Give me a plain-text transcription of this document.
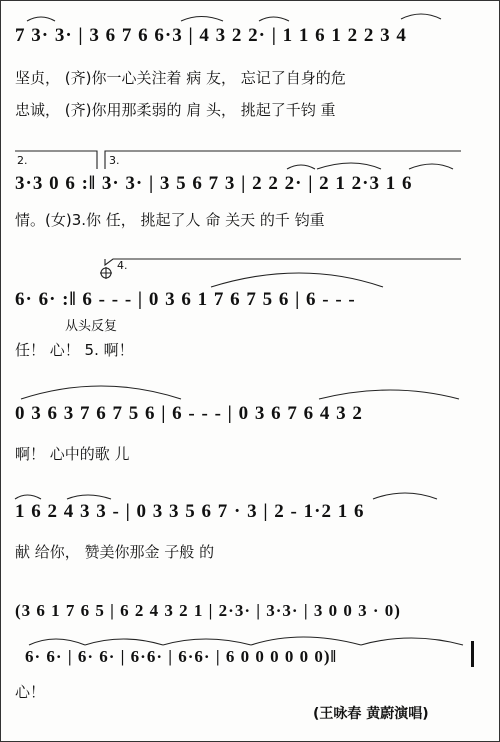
7 3· 3· | 3 6 7 6 6·3 | 4 3 2 2· | 1 1 6 1 2 2 3 4
坚贞， (齐)你一心关注着 病 友， 忘记了自身的危
忠诚， (齐)你用那柔弱的 肩 头， 挑起了千钧 重
2.	3.
3·3 0 6 :‖ 3· 3· | 3 5 6 7 3 | 2 2 2· | 2 1 2·3 1 6
情。(女)3.你 任， 挑起了人 命 关天 的千 钧重
4.
6· 6· :‖ 6 - - - | 0 3 6 1 7 6 7 5 6 | 6 - - -
从头反复
任！ 心！ 5. 啊！
0 3 6 3 7 6 7 5 6 | 6 - - - | 0 3 6 7 6 4 3 2
啊！ 心中的歌 儿
1 6 2 4 3 3 - | 0 3 3 5 6 7 · 3 | 2 - 1·2 1 6
献 给你， 赞美你那金 子般 的
(3 6 1 7 6 5 | 6 2 4 3 2 1 | 2·3· | 3·3· | 3 0 0 3 · 0)
6· 6· | 6· 6· | 6·6· | 6·6· | 6 0 0 0 0 0 0)‖
心！
(王咏春 黄蔚演唱)
